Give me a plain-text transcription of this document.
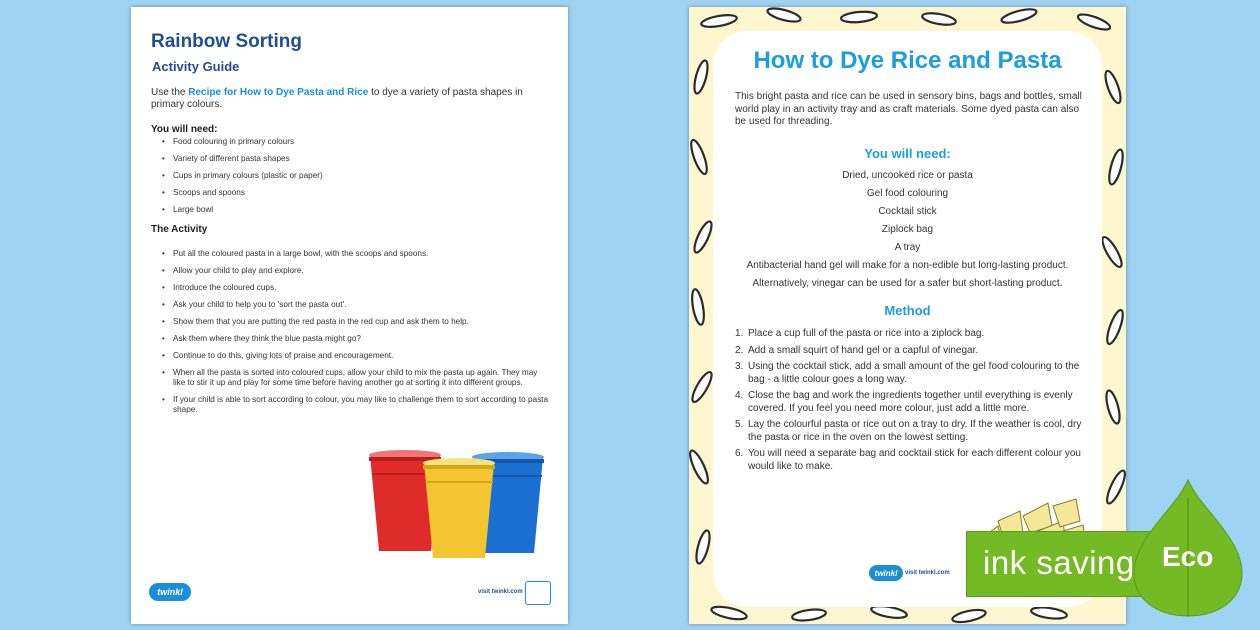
Rainbow Sorting
Activity Guide
Use the Recipe for How to Dye Pasta and Rice to dye a variety of pasta shapes in primary colours.
You will need:
• Food colouring in primary colours
• Variety of different pasta shapes
• Cups in primary colours (plastic or paper)
• Scoops and spoons
• Large bowl
The Activity
• Put all the coloured pasta in a large bowl, with the scoops and spoons.
• Allow your child to play and explore.
• Introduce the coloured cups.
• Ask your child to help you to 'sort the pasta out'.
• Show them that you are putting the red pasta in the red cup and ask them to help.
• Ask them where they think the blue pasta might go?
• Continue to do this, giving lots of praise and encouragement.
• When all the pasta is sorted into coloured cups, allow your child to mix the pasta up again. They may like to stir it up and play for some time before having another go at sorting it into different groups.
• If your child is able to sort according to colour, you may like to challenge them to sort according to pasta shape.
twinkl	visit twinkl.com
How to Dye Rice and Pasta
This bright pasta and rice can be used in sensory bins, bags and bottles, small world play in an activity tray and as craft materials. Some dyed pasta can also be used for threading.
You will need:
Dried, uncooked rice or pasta
Gel food colouring
Cocktail stick
Ziplock bag
A tray
Antibacterial hand gel will make for a non-edible but long-lasting product.
Alternatively, vinegar can be used for a safer but short-lasting product.
Method
1. Place a cup full of the pasta or rice into a ziplock bag.
2. Add a small squirt of hand gel or a capful of vinegar.
3. Using the cocktail stick, add a small amount of the gel food colouring to the bag - a little colour goes a long way.
4. Close the bag and work the ingredients together until everything is evenly covered. If you feel you need more colour, just add a little more.
5. Lay the colourful pasta or rice out on a tray to dry. If the weather is cool, dry the pasta or rice in the oven on the lowest setting.
6. You will need a separate bag and cocktail stick for each different colour you would like to make.
twinkl	visit twinkl.com ink saving Eco
